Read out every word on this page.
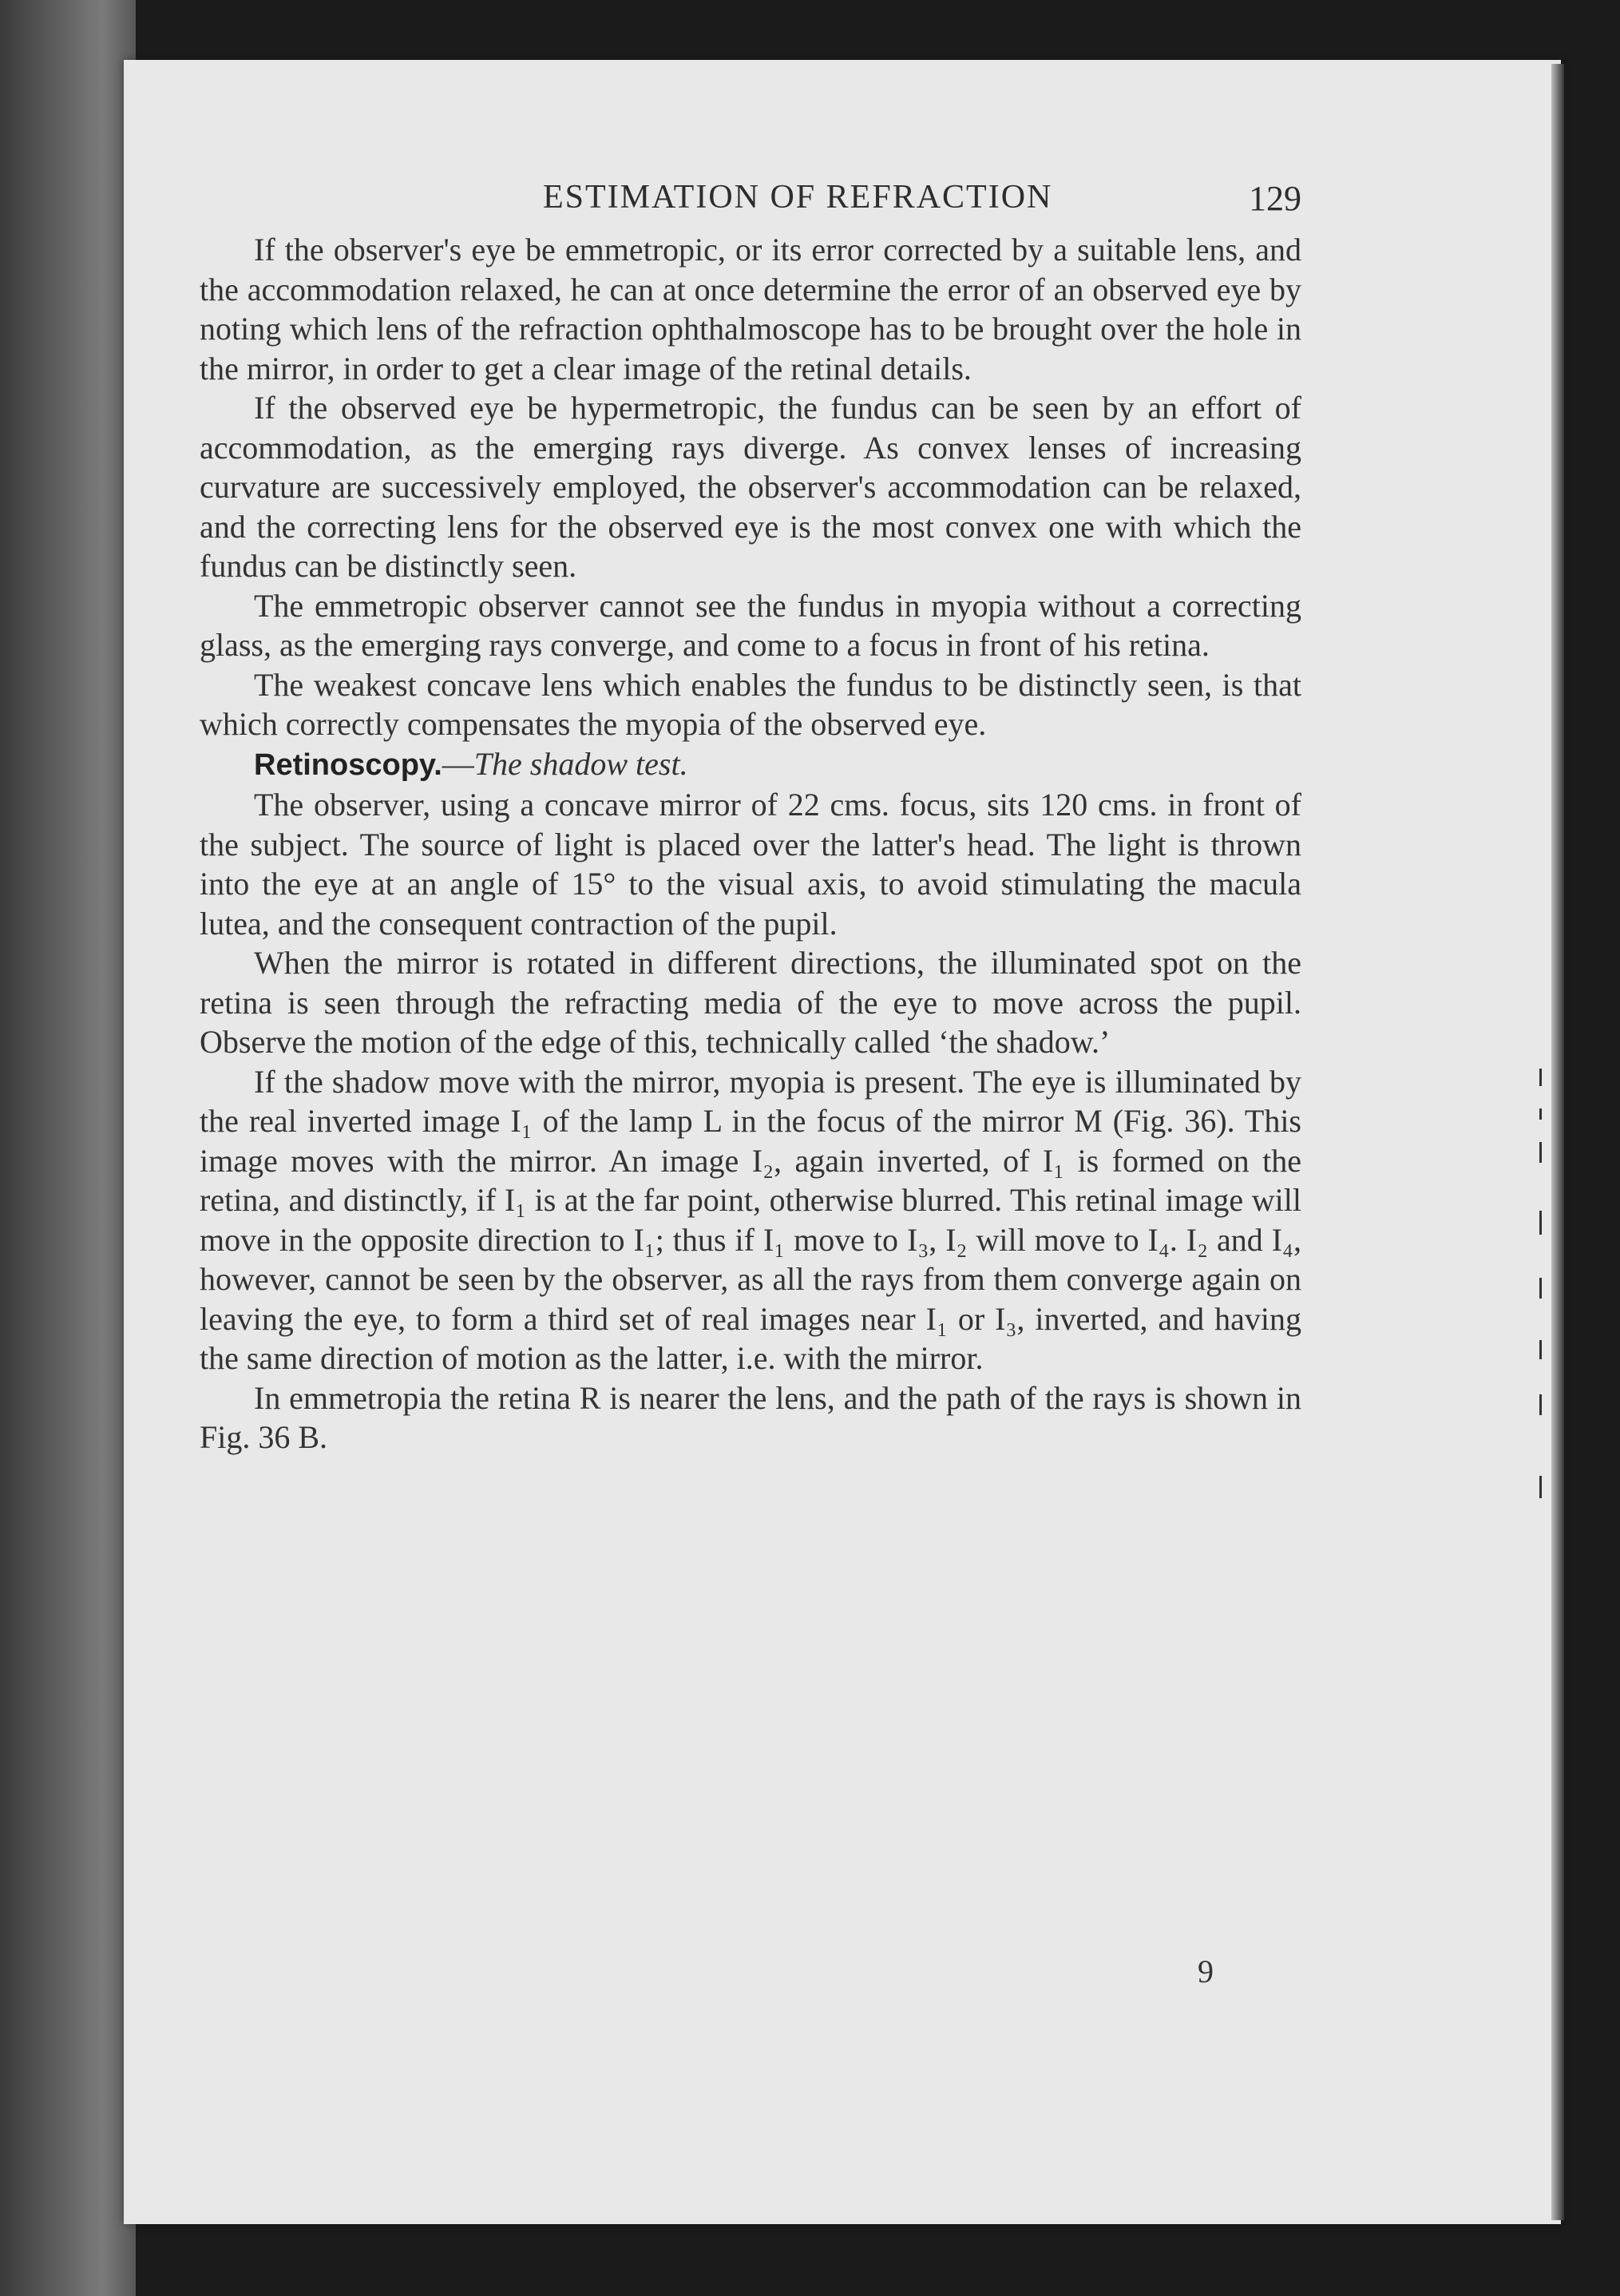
ESTIMATION OF REFRACTION	129

If the observer's eye be emmetropic, or its error corrected by a suitable lens, and the accommodation relaxed, he can at once determine the error of an observed eye by noting which lens of the refraction ophthalmoscope has to be brought over the hole in the mirror, in order to get a clear image of the retinal details.

If the observed eye be hypermetropic, the fundus can be seen by an effort of accommodation, as the emerging rays diverge. As convex lenses of increasing curvature are successively employed, the observer's accommodation can be relaxed, and the correcting lens for the observed eye is the most convex one with which the fundus can be distinctly seen.

The emmetropic observer cannot see the fundus in myopia without a correcting glass, as the emerging rays converge, and come to a focus in front of his retina.

The weakest concave lens which enables the fundus to be distinctly seen, is that which correctly compensates the myopia of the observed eye.

Retinoscopy.—The shadow test.

The observer, using a concave mirror of 22 cms. focus, sits 120 cms. in front of the subject. The source of light is placed over the latter's head. The light is thrown into the eye at an angle of 15° to the visual axis, to avoid stimulating the macula lutea, and the consequent contraction of the pupil.

When the mirror is rotated in different directions, the illuminated spot on the retina is seen through the refracting media of the eye to move across the pupil. Observe the motion of the edge of this, technically called ‘the shadow.’

If the shadow move with the mirror, myopia is present. The eye is illuminated by the real inverted image I₁ of the lamp L in the focus of the mirror M (Fig. 36). This image moves with the mirror. An image I₂, again inverted, of I₁ is formed on the retina, and distinctly, if I₁ is at the far point, otherwise blurred. This retinal image will move in the opposite direction to I₁; thus if I₁ move to I₃, I₂ will move to I₄. I₂ and I₄, however, cannot be seen by the observer, as all the rays from them converge again on leaving the eye, to form a third set of real images near I₁ or I₃, inverted, and having the same direction of motion as the latter, i.e. with the mirror.

In emmetropia the retina R is nearer the lens, and the path of the rays is shown in Fig. 36 B.

9
